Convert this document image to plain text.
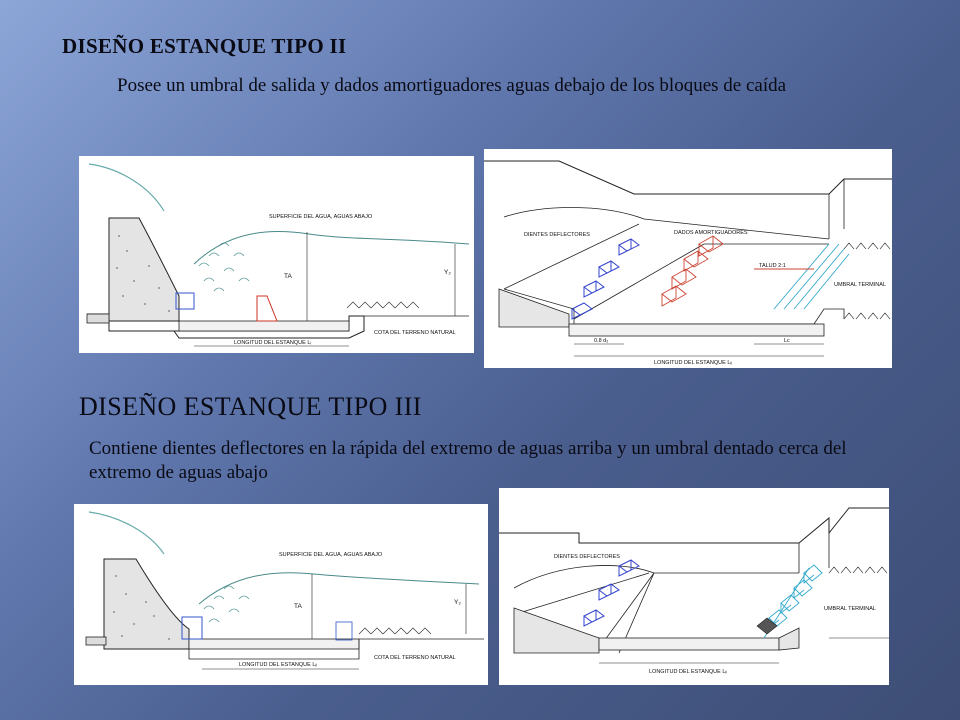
DISEÑO ESTANQUE TIPO II
Posee un umbral de salida y dados amortiguadores aguas debajo de los bloques de caída
SUPERFICIE DEL AGUA, AGUAS ABAJO
TA
Y₂
LONGITUD DEL ESTANQUE Lᵢ
COTA DEL TERRENO NATURAL
DIENTES DEFLECTORES	DADOS AMORTIGUADORES
TALUD 2:1
UMBRAL TERMINAL
0.8 d₂	Lc
LONGITUD DEL ESTANQUE Lᵢᵢ
DISEÑO ESTANQUE TIPO III
Contiene dientes deflectores en la rápida del extremo de aguas arriba y un umbral dentado cerca del extremo de aguas abajo
SUPERFICIE DEL AGUA, AGUAS ABAJO
TA
Y₂
LONGITUD DEL ESTANQUE Lᵢᵢ
COTA DEL TERRENO NATURAL
DIENTES DEFLECTORES
UMBRAL TERMINAL
LONGITUD DEL ESTANQUE Lᵢᵢ
